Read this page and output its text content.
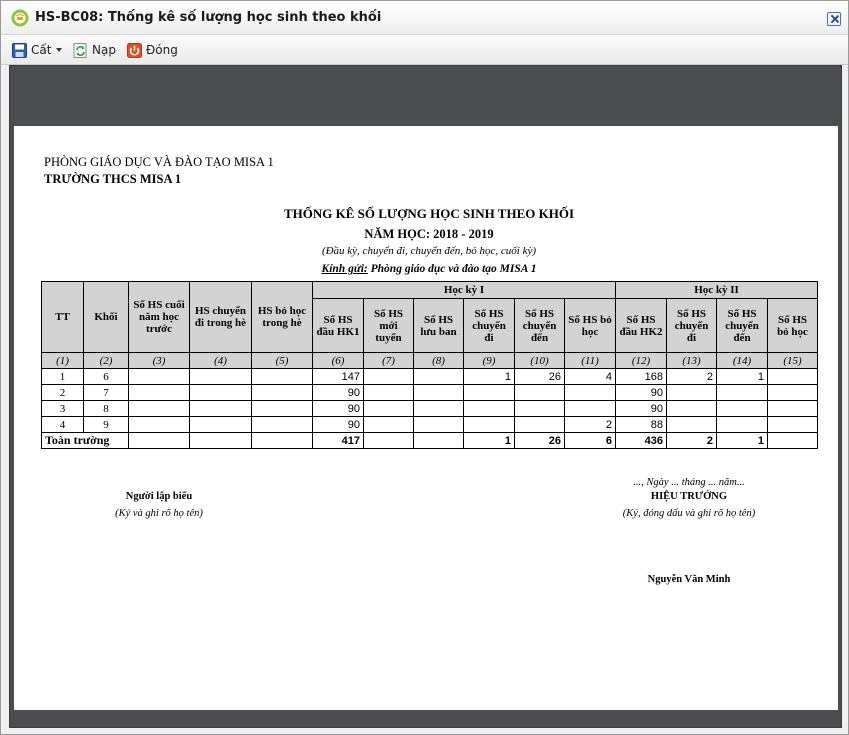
HS-BC08: Thống kê số lượng học sinh theo khối
Cất	Nạp	Đóng
PHÒNG GIÁO DỤC VÀ ĐÀO TẠO MISA 1
TRƯỜNG THCS MISA 1
THỐNG KÊ SỐ LƯỢNG HỌC SINH THEO KHỐI
NĂM HỌC: 2018 - 2019
(Đầu kỳ, chuyển đi, chuyển đến, bỏ học, cuối kỳ)
Kính gửi: Phòng giáo dục và đào tạo MISA 1
TT	Khối	Số HS cuối năm học trước	HS chuyển đi trong hè	HS bỏ học trong hè	Học kỳ I						Học kỳ II			
					Số HS đầu HK1	Số HS mới tuyển	Số HS lưu ban	Số HS chuyển đi	Số HS chuyển đến	Số HS bỏ học	Số HS đầu HK2	Số HS chuyển đi	Số HS chuyển đến	Số HS bỏ học
(1)	(2)	(3)	(4)	(5)	(6)	(7)	(8)	(9)	(10)	(11)	(12)	(13)	(14)	(15)
1	6				147			1	26	4	168	2	1	
2	7				90						90			
3	8				90						90			
4	9				90					2	88			
Toàn trường					417			1	26	6	436	2	1	
Người lập biểu
(Ký và ghi rõ họ tên)
..., Ngày ... tháng ... năm...
HIỆU TRƯỞNG
(Ký, đóng dấu và ghi rõ họ tên)
Nguyễn Văn Minh
